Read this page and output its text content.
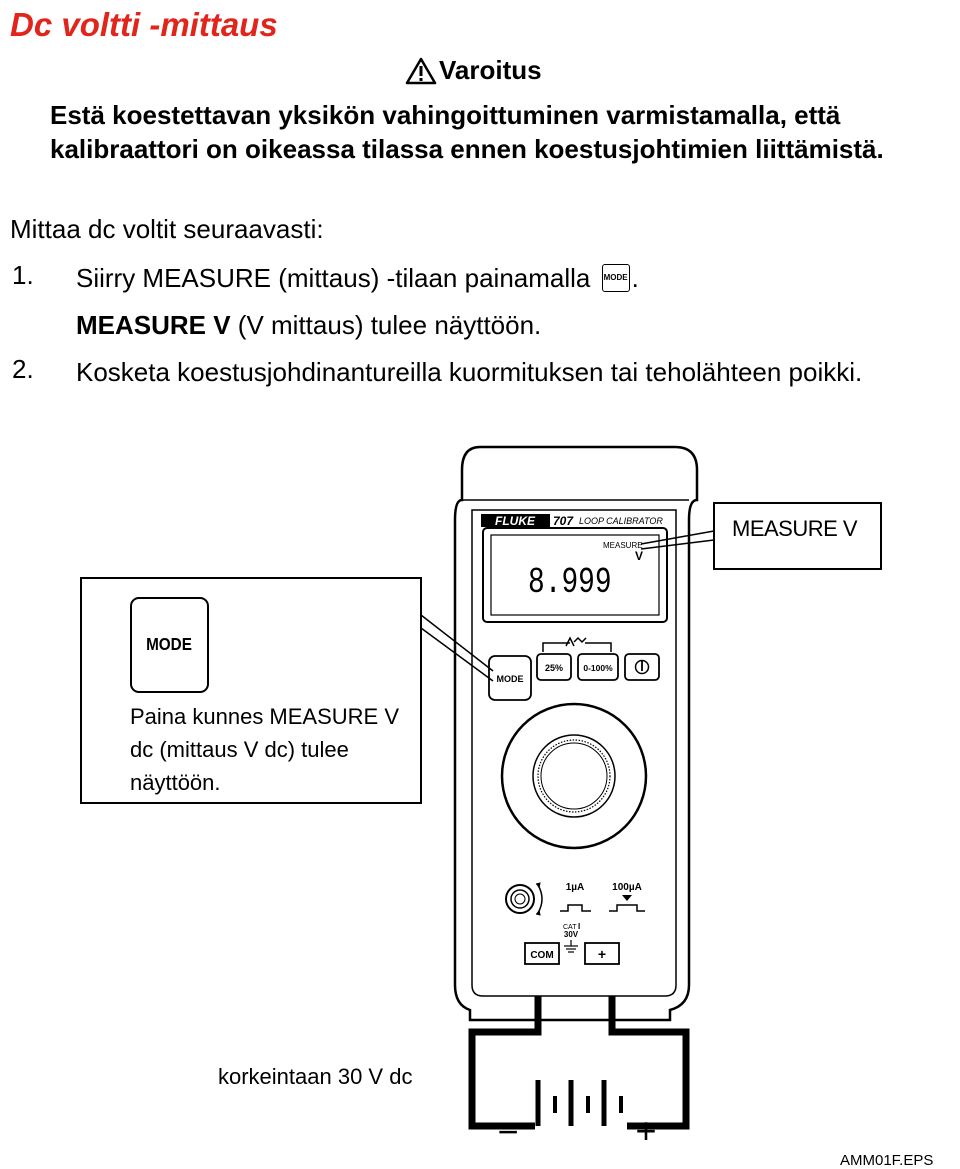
Dc voltti -mittaus
Varoitus
Estä koestettavan yksikön vahingoittuminen varmistamalla, että kalibraattori on oikeassa tilassa ennen koestusjohtimien liittämistä.
Mittaa dc voltit seuraavasti:
1. Siirry MEASURE (mittaus) -tilaan painamalla MODE .
MEASURE V (V mittaus) tulee näyttöön.
2. Kosketa koestusjohdinantureilla kuormituksen tai teholähteen poikki.
FLUKE 707 LOOP CALIBRATOR
MEASURE
V
8.999
MODE
25% 0-100%
1µA	100µA
CAT I
30V
COM	+
MODE
−	+
MEASURE V
Paina kunnes MEASURE V dc (mittaus V dc) tulee näyttöön.
korkeintaan 30 V dc
AMM01F.EPS
